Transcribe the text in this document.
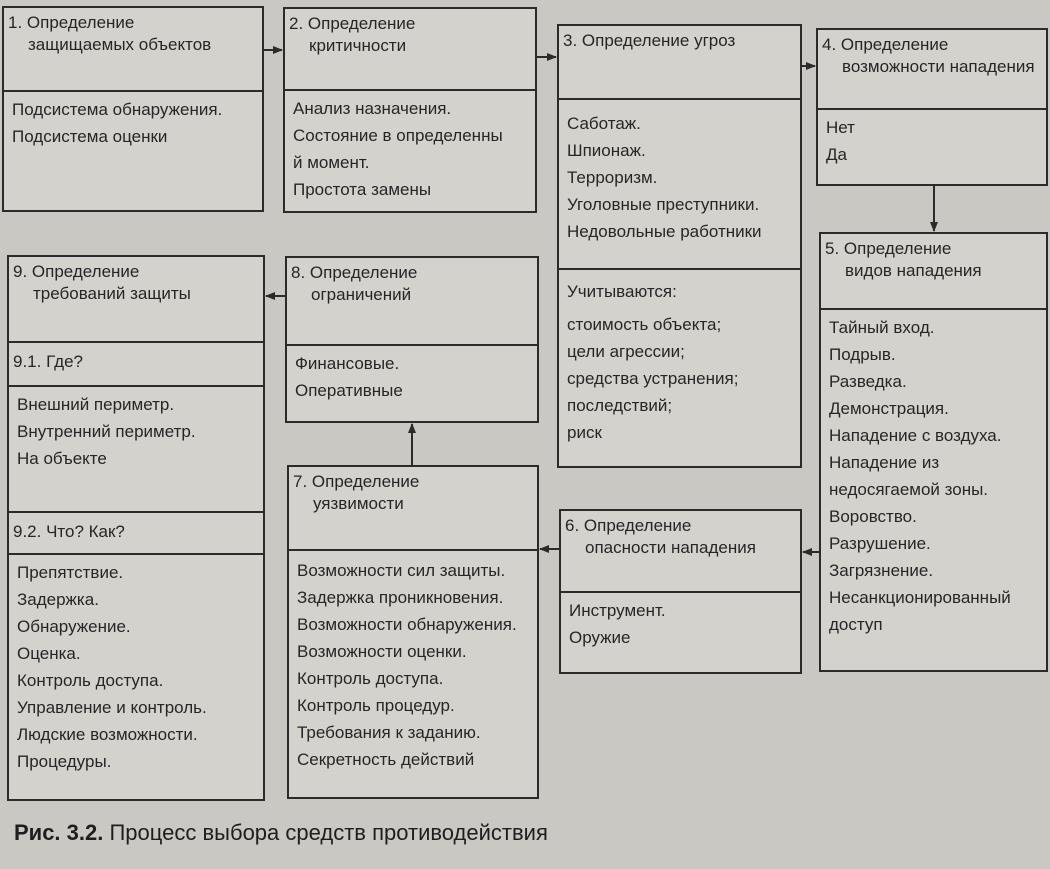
1. Определение
защищаемых объектов
Подсистема обнаружения.
Подсистема оценки
2. Определение
критичности
Анализ назначения.
Состояние в определенны
й момент.
Простота замены
3. Определение угроз
Саботаж.
Шпионаж.
Терроризм.
Уголовные преступники.
Недовольные работники
Учитываются:
стоимость объекта;
цели агрессии;
средства устранения;
последствий;
риск
4. Определение
возможности нападения
Нет
Да
5. Определение
видов нападения
Тайный вход.
Подрыв.
Разведка.
Демонстрация.
Нападение с воздуха.
Нападение из
недосягаемой зоны.
Воровство.
Разрушение.
Загрязнение.
Несанкционированный
доступ
6. Определение
опасности нападения
Инструмент.
Оружие
7. Определение
уязвимости
Возможности сил защиты.
Задержка проникновения.
Возможности обнаружения.
Возможности оценки.
Контроль доступа.
Контроль процедур.
Требования к заданию.
Секретность действий
8. Определение
ограничений
Финансовые.
Оперативные
9. Определение
требований защиты
9.1. Где?
Внешний периметр.
Внутренний периметр.
На объекте
9.2. Что? Как?
Препятствие.
Задержка.
Обнаружение.
Оценка.
Контроль доступа.
Управление и контроль.
Людские возможности.
Процедуры.
Рис. 3.2. Процесс выбора средств противодействия
